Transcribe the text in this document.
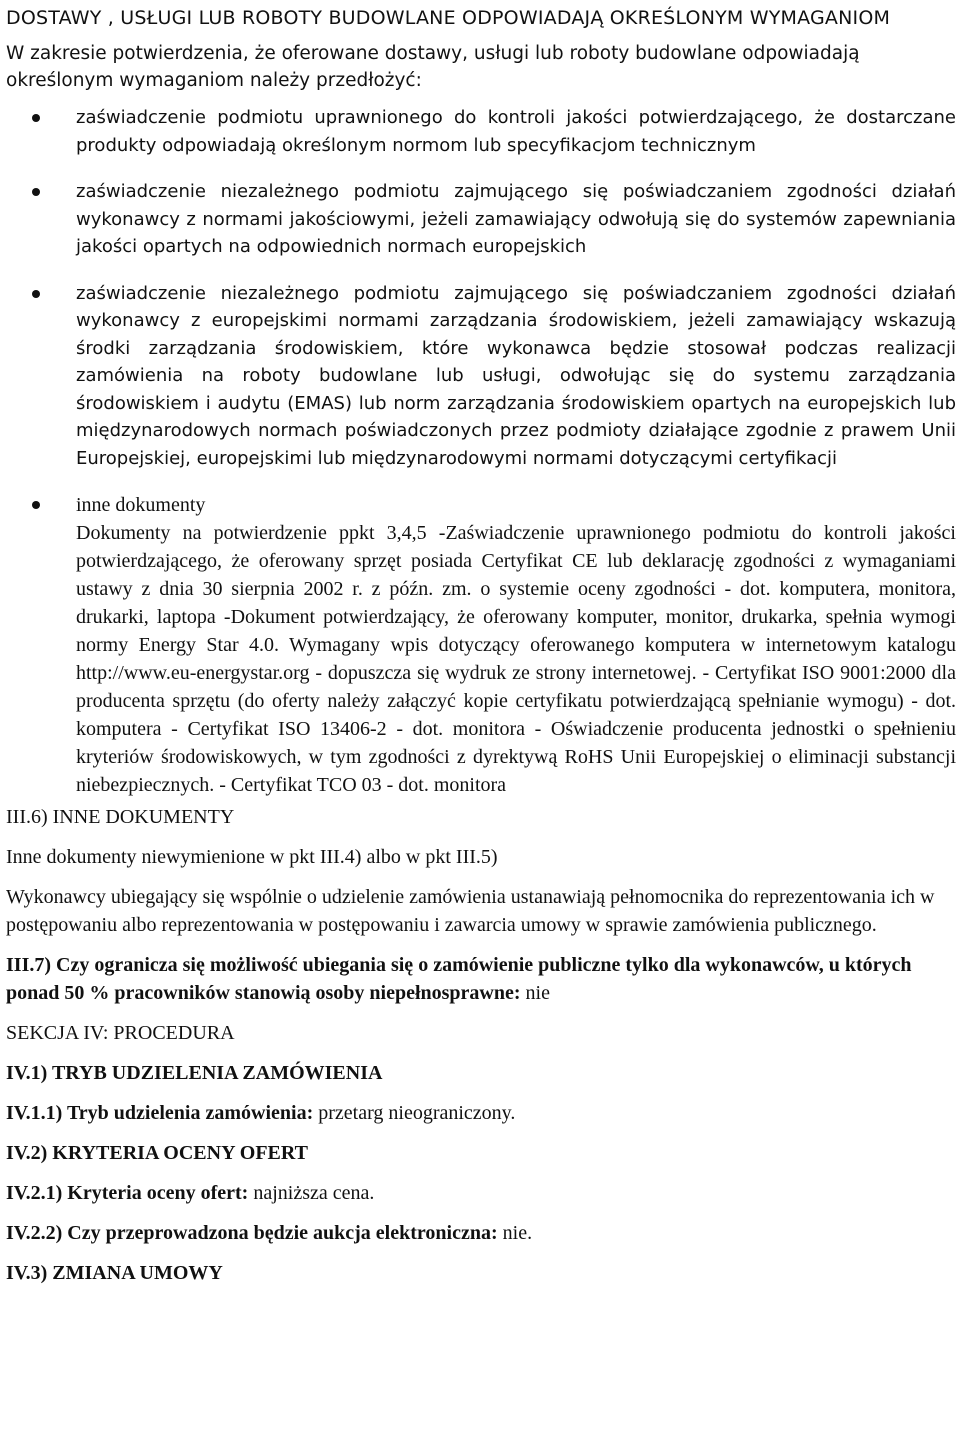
DOSTAWY , USŁUGI LUB ROBOTY BUDOWLANE ODPOWIADAJĄ OKREŚLONYM WYMAGANIOM
W zakresie potwierdzenia, że oferowane dostawy, usługi lub roboty budowlane odpowiadają określonym wymaganiom należy przedłożyć:
zaświadczenie podmiotu uprawnionego do kontroli jakości potwierdzającego, że dostarczane produkty odpowiadają określonym normom lub specyfikacjom technicznym
zaświadczenie niezależnego podmiotu zajmującego się poświadczaniem zgodności działań wykonawcy z normami jakościowymi, jeżeli zamawiający odwołują się do systemów zapewniania jakości opartych na odpowiednich normach europejskich
zaświadczenie niezależnego podmiotu zajmującego się poświadczaniem zgodności działań wykonawcy z europejskimi normami zarządzania środowiskiem, jeżeli zamawiający wskazują środki zarządzania środowiskiem, które wykonawca będzie stosował podczas realizacji zamówienia na roboty budowlane lub usługi, odwołując się do systemu zarządzania środowiskiem i audytu (EMAS) lub norm zarządzania środowiskiem opartych na europejskich lub międzynarodowych normach poświadczonych przez podmioty działające zgodnie z prawem Unii Europejskiej, europejskimi lub międzynarodowymi normami dotyczącymi certyfikacji
inne dokumenty
Dokumenty na potwierdzenie ppkt 3,4,5 -Zaświadczenie uprawnionego podmiotu do kontroli jakości potwierdzającego, że oferowany sprzęt posiada Certyfikat CE lub deklarację zgodności z wymaganiami ustawy z dnia 30 sierpnia 2002 r. z późn. zm. o systemie oceny zgodności - dot. komputera, monitora, drukarki, laptopa -Dokument potwierdzający, że oferowany komputer, monitor, drukarka, spełnia wymogi normy Energy Star 4.0. Wymagany wpis dotyczący oferowanego komputera w internetowym katalogu http://www.eu-energystar.org - dopuszcza się wydruk ze strony internetowej. - Certyfikat ISO 9001:2000 dla producenta sprzętu (do oferty należy załączyć kopie certyfikatu potwierdzającą spełnianie wymogu) - dot. komputera - Certyfikat ISO 13406-2 - dot. monitora - Oświadczenie producenta jednostki o spełnieniu kryteriów środowiskowych, w tym zgodności z dyrektywą RoHS Unii Europejskiej o eliminacji substancji niebezpiecznych. - Certyfikat TCO 03 - dot. monitora

III.6) INNE DOKUMENTY

Inne dokumenty niewymienione w pkt III.4) albo w pkt III.5)

Wykonawcy ubiegający się wspólnie o udzielenie zamówienia ustanawiają pełnomocnika do reprezentowania ich w postępowaniu albo reprezentowania w postępowaniu i zawarcia umowy w sprawie zamówienia publicznego.

III.7) Czy ogranicza się możliwość ubiegania się o zamówienie publiczne tylko dla wykonawców, u których ponad 50 % pracowników stanowią osoby niepełnosprawne: nie

SEKCJA IV: PROCEDURA

IV.1) TRYB UDZIELENIA ZAMÓWIENIA

IV.1.1) Tryb udzielenia zamówienia: przetarg nieograniczony.

IV.2) KRYTERIA OCENY OFERT

IV.2.1) Kryteria oceny ofert: najniższa cena.

IV.2.2) Czy przeprowadzona będzie aukcja elektroniczna: nie.

IV.3) ZMIANA UMOWY
